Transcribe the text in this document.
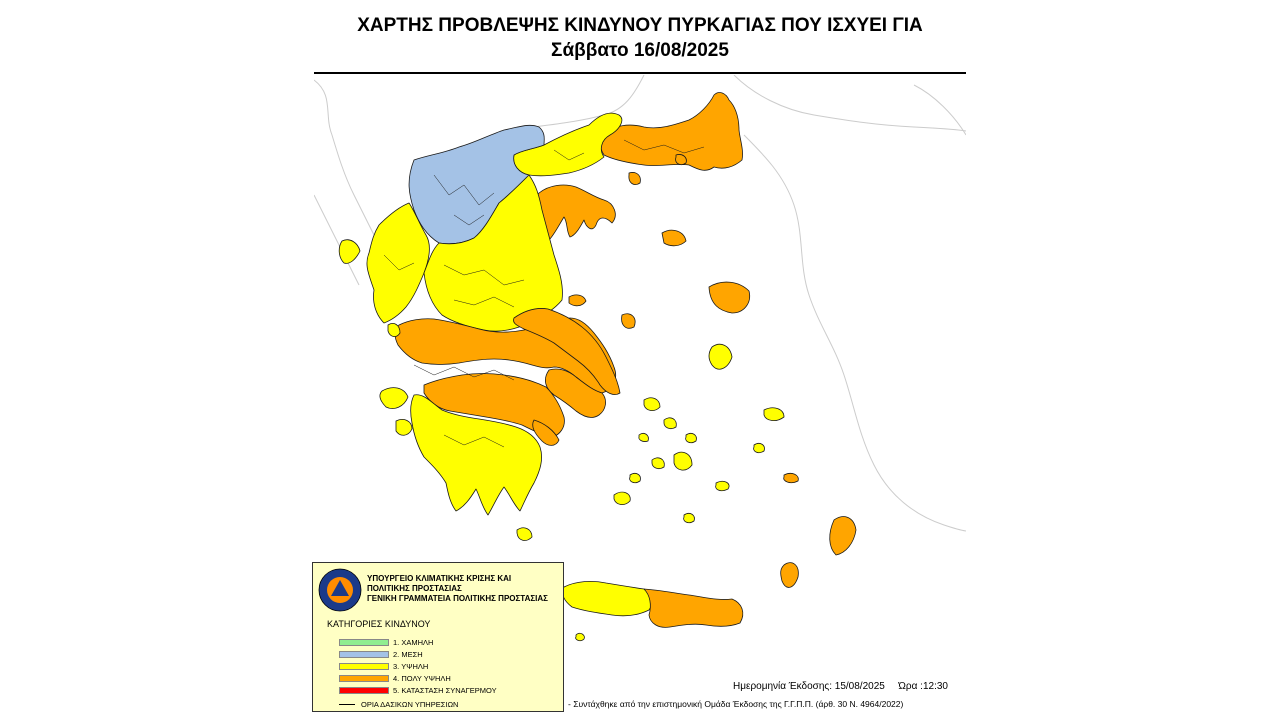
ΧΑΡΤΗΣ ΠΡΟΒΛΕΨΗΣ ΚΙΝΔΥΝΟΥ ΠΥΡΚΑΓΙΑΣ ΠΟΥ ΙΣΧΥΕΙ ΓΙΑ
Σάββατο 16/08/2025
ΥΠΟΥΡΓΕΙΟ ΚΛΙΜΑΤΙΚΗΣ ΚΡΙΣΗΣ ΚΑΙ
ΠΟΛΙΤΙΚΗΣ ΠΡΟΣΤΑΣΙΑΣ
ΓΕΝΙΚΗ ΓΡΑΜΜΑΤΕΙΑ ΠΟΛΙΤΙΚΗΣ ΠΡΟΣΤΑΣΙΑΣ
ΚΑΤΗΓΟΡΙΕΣ ΚΙΝΔΥΝΟΥ
1. ΧΑΜΗΛΗ
2. ΜΕΣΗ
3. ΥΨΗΛΗ
4. ΠΟΛΥ ΥΨΗΛΗ
5. ΚΑΤΑΣΤΑΣΗ ΣΥΝΑΓΕΡΜΟΥ
ΟΡΙΑ ΔΑΣΙΚΩΝ ΥΠΗΡΕΣΙΩΝ
Ημερομηνία Έκδοσης: 15/08/2025 Ώρα :12:30
- Συντάχθηκε από την επιστημονική Ομάδα Έκδοσης της Γ.Γ.Π.Π. (άρθ. 30 Ν. 4964/2022)
